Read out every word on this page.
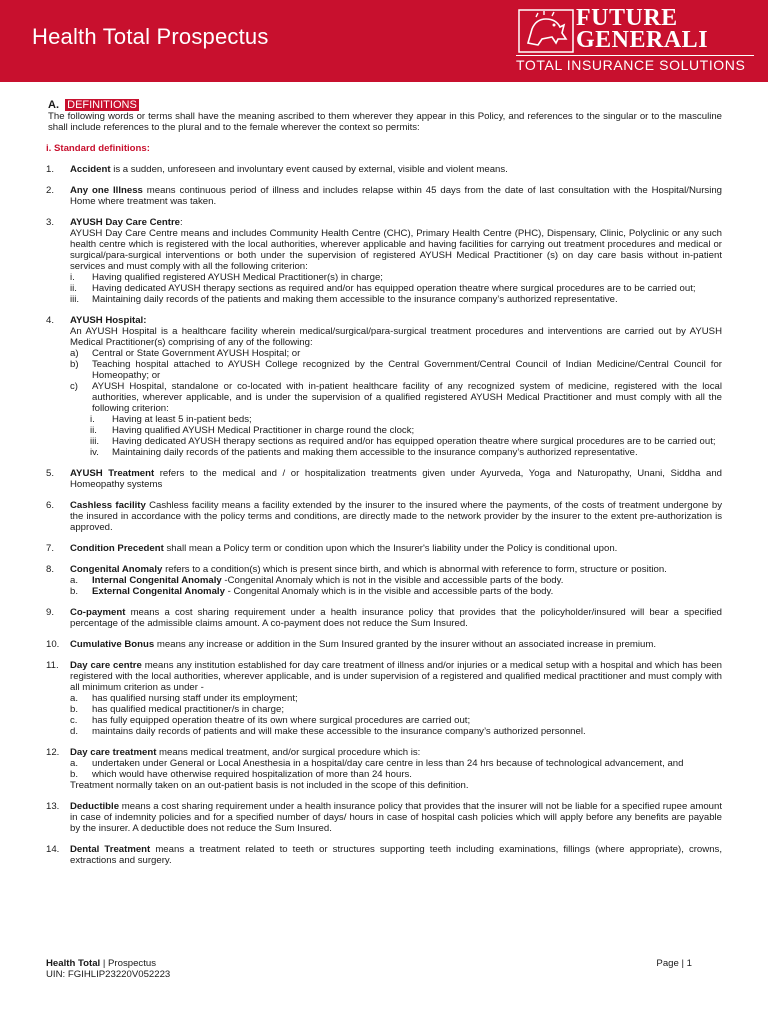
Health Total Prospectus
FUTURE
GENERALI
TOTAL INSURANCE SOLUTIONS
A. DEFINITIONS

The following words or terms shall have the meaning ascribed to them wherever they appear in this Policy, and references to the singular or to the masculine shall include references to the plural and to the female wherever the context so permits:

i. Standard definitions:
1. Accident is a sudden, unforeseen and involuntary event caused by external, visible and violent means.
2. Any one Illness means continuous period of illness and includes relapse within 45 days from the date of last consultation with the Hospital/Nursing Home where treatment was taken.
3. AYUSH Day Care Centre:
AYUSH Day Care Centre means and includes Community Health Centre (CHC), Primary Health Centre (PHC), Dispensary, Clinic, Polyclinic or any such health centre which is registered with the local authorities, wherever applicable and having facilities for carrying out treatment procedures and medical or surgical/para-surgical interventions or both under the supervision of registered AYUSH Medical Practitioner (s) on day care basis without in-patient services and must comply with all the following criterion:
i. Having qualified registered AYUSH Medical Practitioner(s) in charge;
ii. Having dedicated AYUSH therapy sections as required and/or has equipped operation theatre where surgical procedures are to be carried out;
iii. Maintaining daily records of the patients and making them accessible to the insurance company’s authorized representative.
4. AYUSH Hospital:
An AYUSH Hospital is a healthcare facility wherein medical/surgical/para-surgical treatment procedures and interventions are carried out by AYUSH Medical Practitioner(s) comprising of any of the following:
a) Central or State Government AYUSH Hospital; or
b) Teaching hospital attached to AYUSH College recognized by the Central Government/Central Council of Indian Medicine/Central Council for Homeopathy; or
c) AYUSH Hospital, standalone or co-located with in-patient healthcare facility of any recognized system of medicine, registered with the local authorities, wherever applicable, and is under the supervision of a qualified registered AYUSH Medical Practitioner and must comply with all the following criterion:
i. Having at least 5 in-patient beds;
ii. Having qualified AYUSH Medical Practitioner in charge round the clock;
iii. Having dedicated AYUSH therapy sections as required and/or has equipped operation theatre where surgical procedures are to be carried out;
iv. Maintaining daily records of the patients and making them accessible to the insurance company’s authorized representative.
5. AYUSH Treatment refers to the medical and / or hospitalization treatments given under Ayurveda, Yoga and Naturopathy, Unani, Siddha and Homeopathy systems
6. Cashless facility Cashless facility means a facility extended by the insurer to the insured where the payments, of the costs of treatment undergone by the insured in accordance with the policy terms and conditions, are directly made to the network provider by the insurer to the extent pre-authorization is approved.
7. Condition Precedent shall mean a Policy term or condition upon which the Insurer's liability under the Policy is conditional upon.
8. Congenital Anomaly refers to a condition(s) which is present since birth, and which is abnormal with reference to form, structure or position.
a. Internal Congenital Anomaly -Congenital Anomaly which is not in the visible and accessible parts of the body.
b. External Congenital Anomaly - Congenital Anomaly which is in the visible and accessible parts of the body.
9. Co-payment means a cost sharing requirement under a health insurance policy that provides that the policyholder/insured will bear a specified percentage of the admissible claims amount. A co-payment does not reduce the Sum Insured.
10. Cumulative Bonus means any increase or addition in the Sum Insured granted by the insurer without an associated increase in premium.
11. Day care centre means any institution established for day care treatment of illness and/or injuries or a medical setup with a hospital and which has been registered with the local authorities, wherever applicable, and is under supervision of a registered and qualified medical practitioner and must comply with all minimum criterion as under -
a. has qualified nursing staff under its employment;
b. has qualified medical practitioner/s in charge;
c. has fully equipped operation theatre of its own where surgical procedures are carried out;
d. maintains daily records of patients and will make these accessible to the insurance company’s authorized personnel.
12. Day care treatment means medical treatment, and/or surgical procedure which is:
a. undertaken under General or Local Anesthesia in a hospital/day care centre in less than 24 hrs because of technological advancement, and
b. which would have otherwise required hospitalization of more than 24 hours.
Treatment normally taken on an out-patient basis is not included in the scope of this definition.
13. Deductible means a cost sharing requirement under a health insurance policy that provides that the insurer will not be liable for a specified rupee amount in case of indemnity policies and for a specified number of days/ hours in case of hospital cash policies which will apply before any benefits are payable by the insurer. A deductible does not reduce the Sum Insured.
14. Dental Treatment means a treatment related to teeth or structures supporting teeth including examinations, fillings (where appropriate), crowns, extractions and surgery.
Health Total | Prospectus
UIN: FGIHLIP23220V052223
Page | 1
